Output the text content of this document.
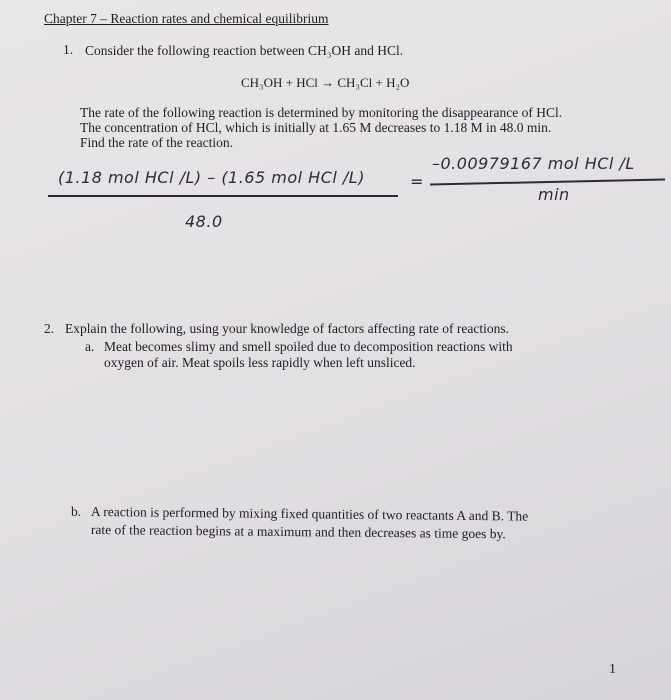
Chapter 7 – Reaction rates and chemical equilibrium
1. Consider the following reaction between CH₃OH and HCl.
CH₃OH + HCl → CH₃Cl + H₂O
The rate of the following reaction is determined by monitoring the disappearance of HCl.
The concentration of HCl, which is initially at 1.65 M decreases to 1.18 M in 48.0 min.
Find the rate of the reaction.
(1.18 mol HCl /L) – (1.65 mol HCl /L)	=
–0.00979167 mol HCl /L
48.0
min
2. Explain the following, using your knowledge of factors affecting rate of reactions.
a. Meat becomes slimy and smell spoiled due to decomposition reactions with
oxygen of air. Meat spoils less rapidly when left unsliced.
b. A reaction is performed by mixing fixed quantities of two reactants A and B. The
rate of the reaction begins at a maximum and then decreases as time goes by.
1
